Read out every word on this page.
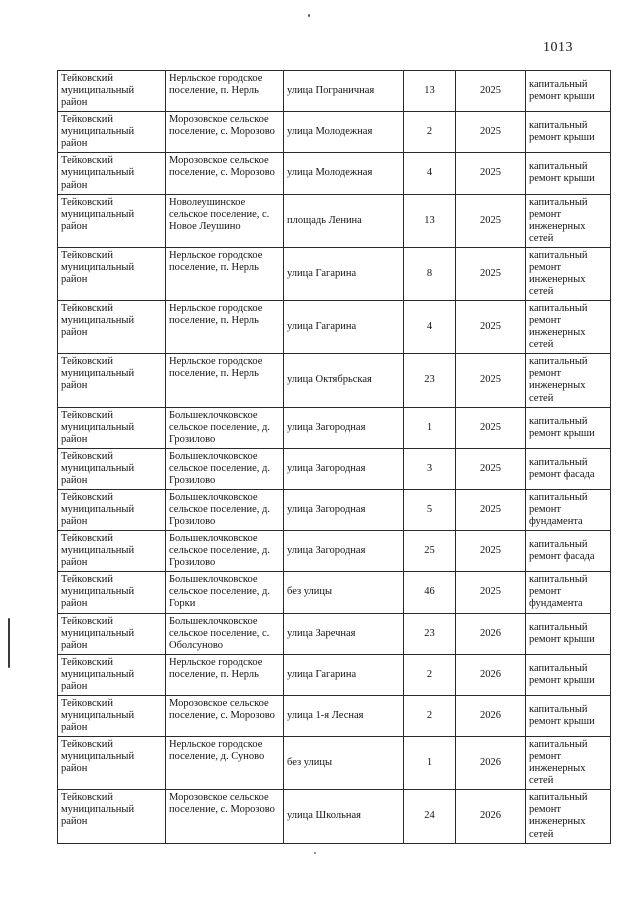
1013
Тейковский муниципальный район	Нерльское городское поселение, п. Нерль	улица Пограничная	13	2025	капитальный ремонт крыши
Тейковский муниципальный район	Морозовское сельское поселение, с. Морозово	улица Молодежная	2	2025	капитальный ремонт крыши
Тейковский муниципальный район	Морозовское сельское поселение, с. Морозово	улица Молодежная	4	2025	капитальный ремонт крыши
Тейковский муниципальный район	Новолеушинское сельское поселение, с. Новое Леушино	площадь Ленина	13	2025	капитальный ремонт инженерных сетей
Тейковский муниципальный район	Нерльское городское поселение, п. Нерль	улица Гагарина	8	2025	капитальный ремонт инженерных сетей
Тейковский муниципальный район	Нерльское городское поселение, п. Нерль	улица Гагарина	4	2025	капитальный ремонт инженерных сетей
Тейковский муниципальный район	Нерльское городское поселение, п. Нерль	улица Октябрьская	23	2025	капитальный ремонт инженерных сетей
Тейковский муниципальный район	Большеклочковское сельское поселение, д. Грозилово	улица Загородная	1	2025	капитальный ремонт крыши
Тейковский муниципальный район	Большеклочковское сельское поселение, д. Грозилово	улица Загородная	3	2025	капитальный ремонт фасада
Тейковский муниципальный район	Большеклочковское сельское поселение, д. Грозилово	улица Загородная	5	2025	капитальный ремонт фундамента
Тейковский муниципальный район	Большеклочковское сельское поселение, д. Грозилово	улица Загородная	25	2025	капитальный ремонт фасада
Тейковский муниципальный район	Большеклочковское сельское поселение, д. Горки	без улицы	46	2025	капитальный ремонт фундамента
Тейковский муниципальный район	Большеклочковское сельское поселение, с. Оболсуново	улица Заречная	23	2026	капитальный ремонт крыши
Тейковский муниципальный район	Нерльское городское поселение, п. Нерль	улица Гагарина	2	2026	капитальный ремонт крыши
Тейковский муниципальный район	Морозовское сельское поселение, с. Морозово	улица 1-я Лесная	2	2026	капитальный ремонт крыши
Тейковский муниципальный район	Нерльское городское поселение, д. Суново	без улицы	1	2026	капитальный ремонт инженерных сетей
Тейковский муниципальный район	Морозовское сельское поселение, с. Морозово	улица Школьная	24	2026	капитальный ремонт инженерных сетей
